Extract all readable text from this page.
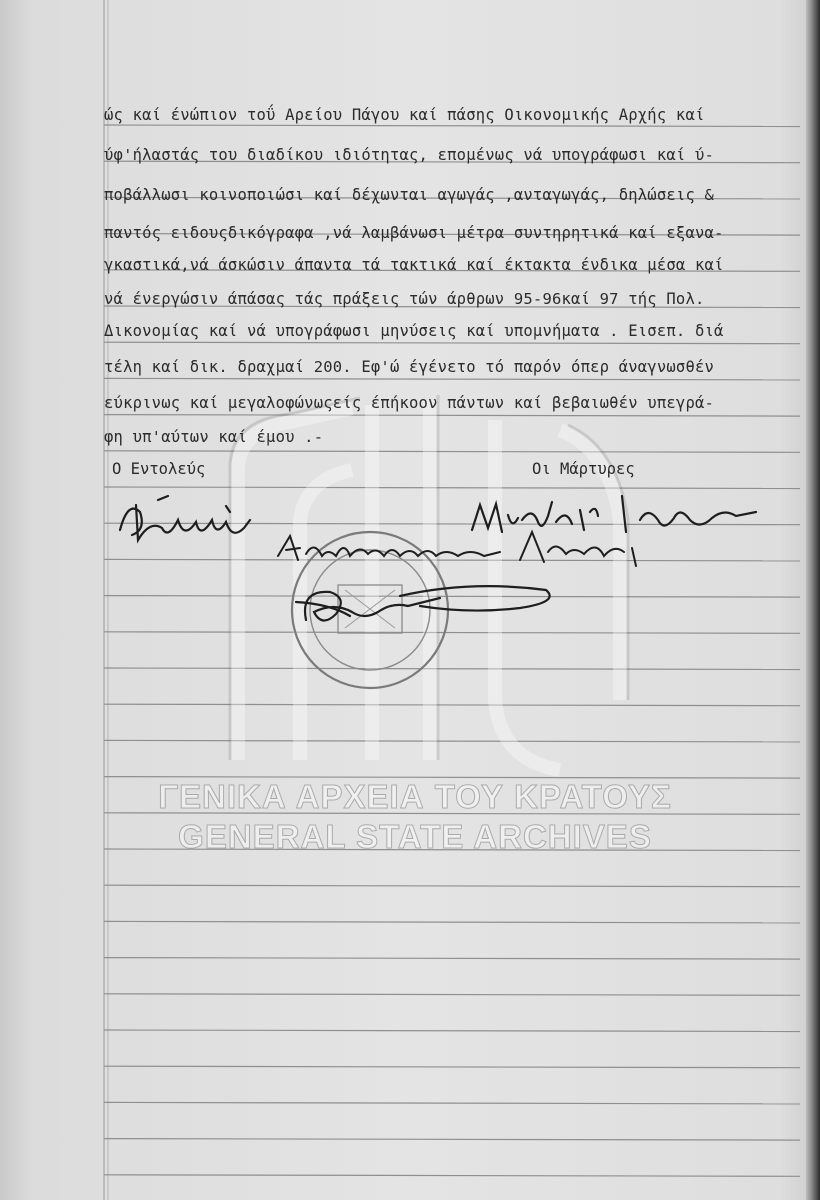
ώς καί ένώπιον τοΰ Αρείου Πάγου καί πάσης Οικονομικής Αρχής καί
ύφ'ήλαστάς του διαδίκου ιδιότητας, επομένως νά υπογράφωσι καί ύ-
ποβάλλωσι κοινοποιώσι καί δέχωνται αγωγάς ,ανταγωγάς, δηλώσεις &
παντός ειδουςδικόγραφα ,νά λαμβάνωσι μέτρα συντηρητικά καί εξανα-
γκαστικά,νά άσκώσιν άπαντα τά τακτικά καί έκτακτα ένδικα μέσα καί
νά ένεργώσιν άπάσας τάς πράξεις τών άρθρων 95-96καί 97 τής Πολ.
Δικονομίας καί νά υπογράφωσι μηνύσεις καί υπομνήματα . Εισεπ. διά
τέλη καί δικ. δραχμαί 200. Εφ'ώ έγένετο τό παρόν όπερ άναγνωσθέν
εύκρινως καί μεγαλοφώνωςείς έπήκοον πάντων καί βεβαιωθέν υπεγρά-
φη υπ'αύτων καί έμου .-
Ο Εντολεύς	Οι Μάρτυρες
ΓΕΝΙΚΑ ΑΡΧΕΙΑ ΤΟΥ ΚΡΑΤΟΥΣ
GENERAL STATE ARCHIVES
